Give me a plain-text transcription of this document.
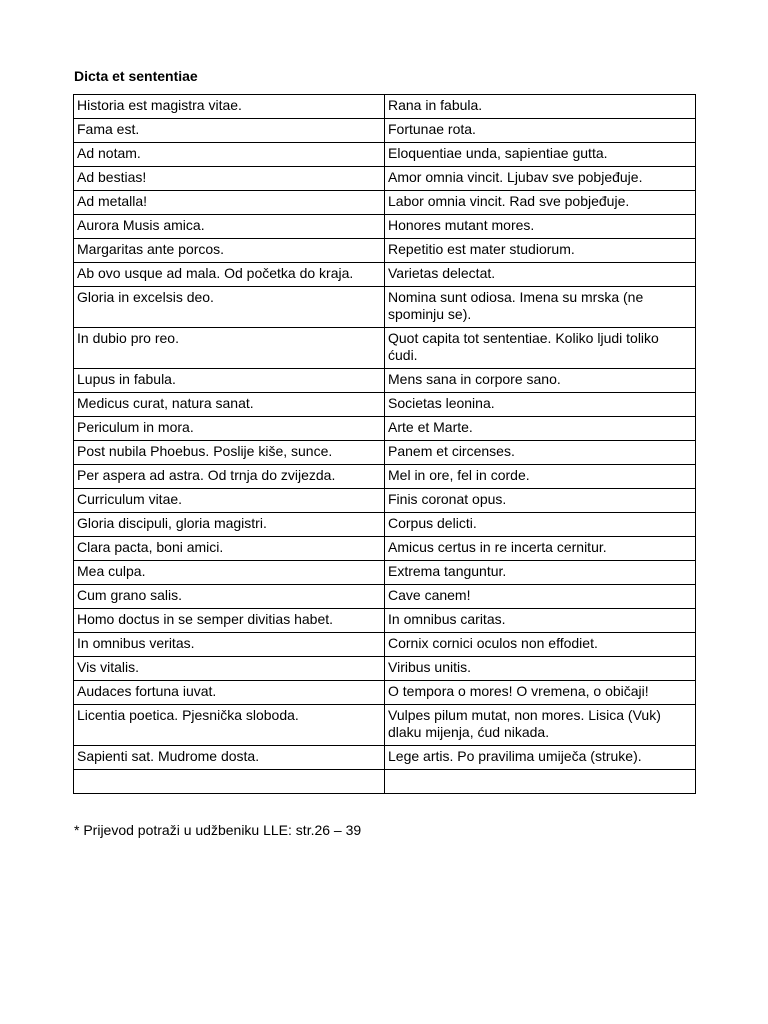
Dicta et sententiae
Historia est magistra vitae.	Rana in fabula.
Fama est.	Fortunae rota.
Ad notam.	Eloquentiae unda, sapientiae gutta.
Ad bestias!	Amor omnia vincit. Ljubav sve pobjeđuje.
Ad metalla!	Labor omnia vincit. Rad sve pobjeđuje.
Aurora Musis amica.	Honores mutant mores.
Margaritas ante porcos.	Repetitio est mater studiorum.
Ab ovo usque ad mala. Od početka do kraja.	Varietas delectat.
Gloria in excelsis deo.	Nomina sunt odiosa. Imena su mrska (ne spominju se).
In dubio pro reo.	Quot capita tot sententiae. Koliko ljudi toliko ćudi.
Lupus in fabula.	Mens sana in corpore sano.
Medicus curat, natura sanat.	Societas leonina.
Periculum in mora.	Arte et Marte.
Post nubila Phoebus. Poslije kiše, sunce.	Panem et circenses.
Per aspera ad astra. Od trnja do zvijezda.	Mel in ore, fel in corde.
Curriculum vitae.	Finis coronat opus.
Gloria discipuli, gloria magistri.	Corpus delicti.
Clara pacta, boni amici.	Amicus certus in re incerta cernitur.
Mea culpa.	Extrema tanguntur.
Cum grano salis.	Cave canem!
Homo doctus in se semper divitias habet.	In omnibus caritas.
In omnibus veritas.	Cornix cornici oculos non effodiet.
Vis vitalis.	Viribus unitis.
Audaces fortuna iuvat.	O tempora o mores! O vremena, o običaji!
Licentia poetica. Pjesnička sloboda.	Vulpes pilum mutat, non mores. Lisica (Vuk) dlaku mijenja, ćud nikada.
Sapienti sat. Mudrome dosta.	Lege artis. Po pravilima umiječa (struke).

* Prijevod potraži u udžbeniku LLE: str.26 – 39
